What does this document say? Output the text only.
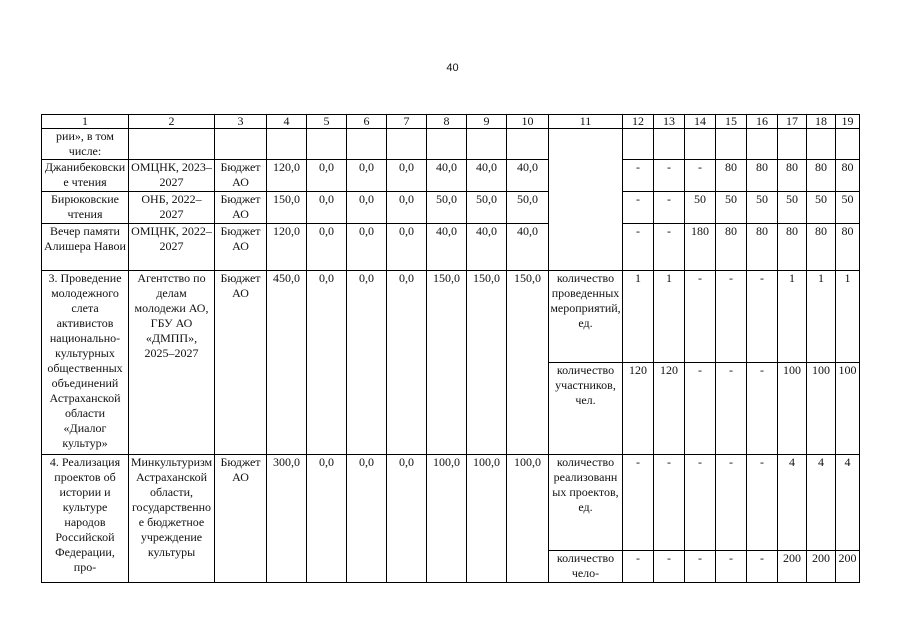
40
1	2	3	4	5	6	7	8	9	10	11	12	13	14	15	16	17	18	19
рии», в том числе:																		
Джанибековские чтения	ОМЦНК, 2023–2027	Бюджет АО	120,0	0,0	0,0	0,0	40,0	40,0	40,0		-	-	-	80	80	80	80	80
Бирюковские чтения	ОНБ, 2022–2027	Бюджет АО	150,0	0,0	0,0	0,0	50,0	50,0	50,0		-	-	50	50	50	50	50	50
Вечер памяти Алишера Навои	ОМЦНК, 2022–2027	Бюджет АО	120,0	0,0	0,0	0,0	40,0	40,0	40,0		-	-	180	80	80	80	80	80
3. Проведение молодежного слета активистов национально-культурных общественных объединений Астраханской области «Диалог культур»	Агентство по делам молодежи АО, ГБУ АО «ДМПП», 2025–2027	Бюджет АО	450,0	0,0	0,0	0,0	150,0	150,0	150,0	количество проведенных мероприятий, ед.	1	1	-	-	-	1	1	1
										количество участников, чел.	120	120	-	-	-	100	100	100
4. Реализация проектов об истории и культуре народов Российской Федерации, про-	Минкультуризм Астраханской области, государственное бюджетное учреждение культуры	Бюджет АО	300,0	0,0	0,0	0,0	100,0	100,0	100,0	количество реализованных проектов, ед.	-	-	-	-	-	4	4	4
										количество чело-	-	-	-	-	-	200	200	200
